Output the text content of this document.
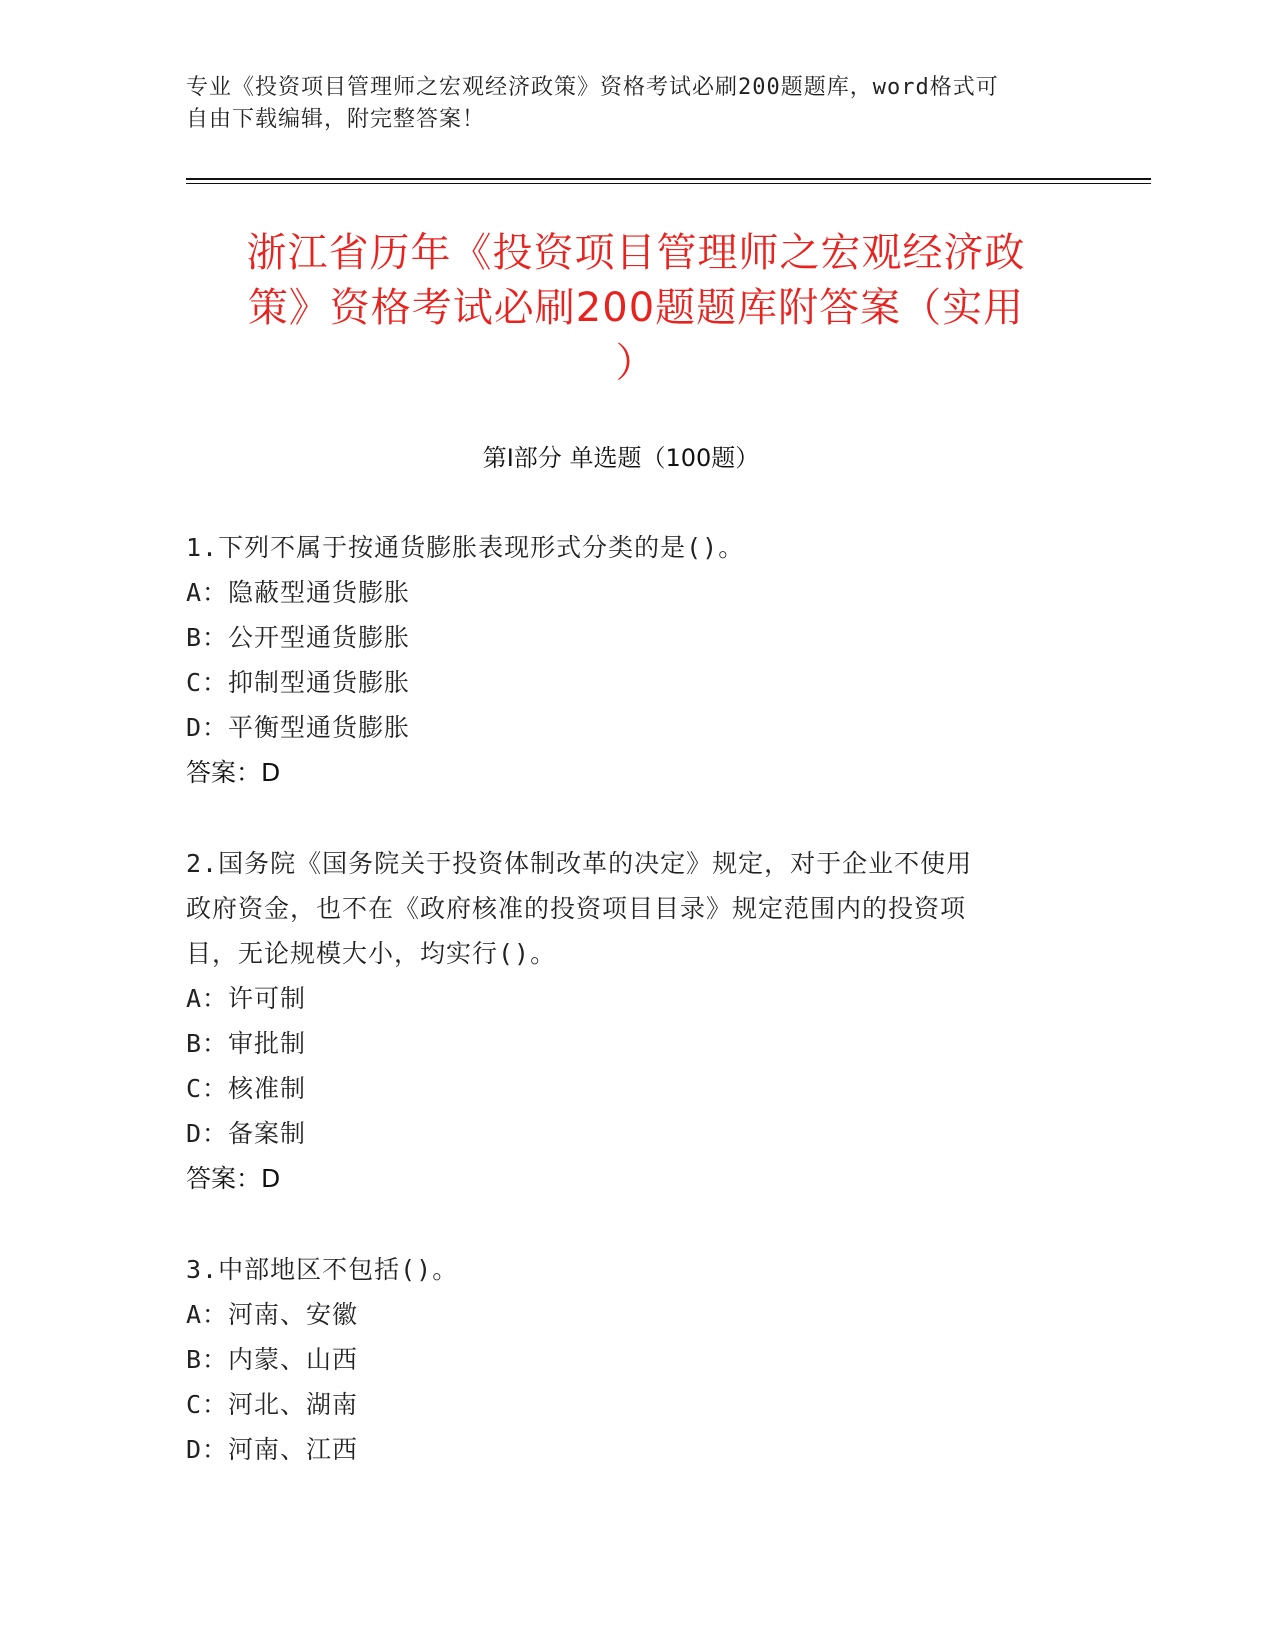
专业《投资项目管理师之宏观经济政策》资格考试必刷200题题库，word格式可
自由下载编辑，附完整答案！
浙江省历年《投资项目管理师之宏观经济政
策》资格考试必刷200题题库附答案（实用
）
第Ⅰ部分 单选题（100题）
1.下列不属于按通货膨胀表现形式分类的是()。
A：隐蔽型通货膨胀
B：公开型通货膨胀
C：抑制型通货膨胀
D：平衡型通货膨胀
答案：D
2.国务院《国务院关于投资体制改革的决定》规定，对于企业不使用
政府资金，也不在《政府核准的投资项目目录》规定范围内的投资项
目，无论规模大小，均实行()。
A：许可制
B：审批制
C：核准制
D：备案制
答案：D
3.中部地区不包括()。
A：河南、安徽
B：内蒙、山西
C：河北、湖南
D：河南、江西
